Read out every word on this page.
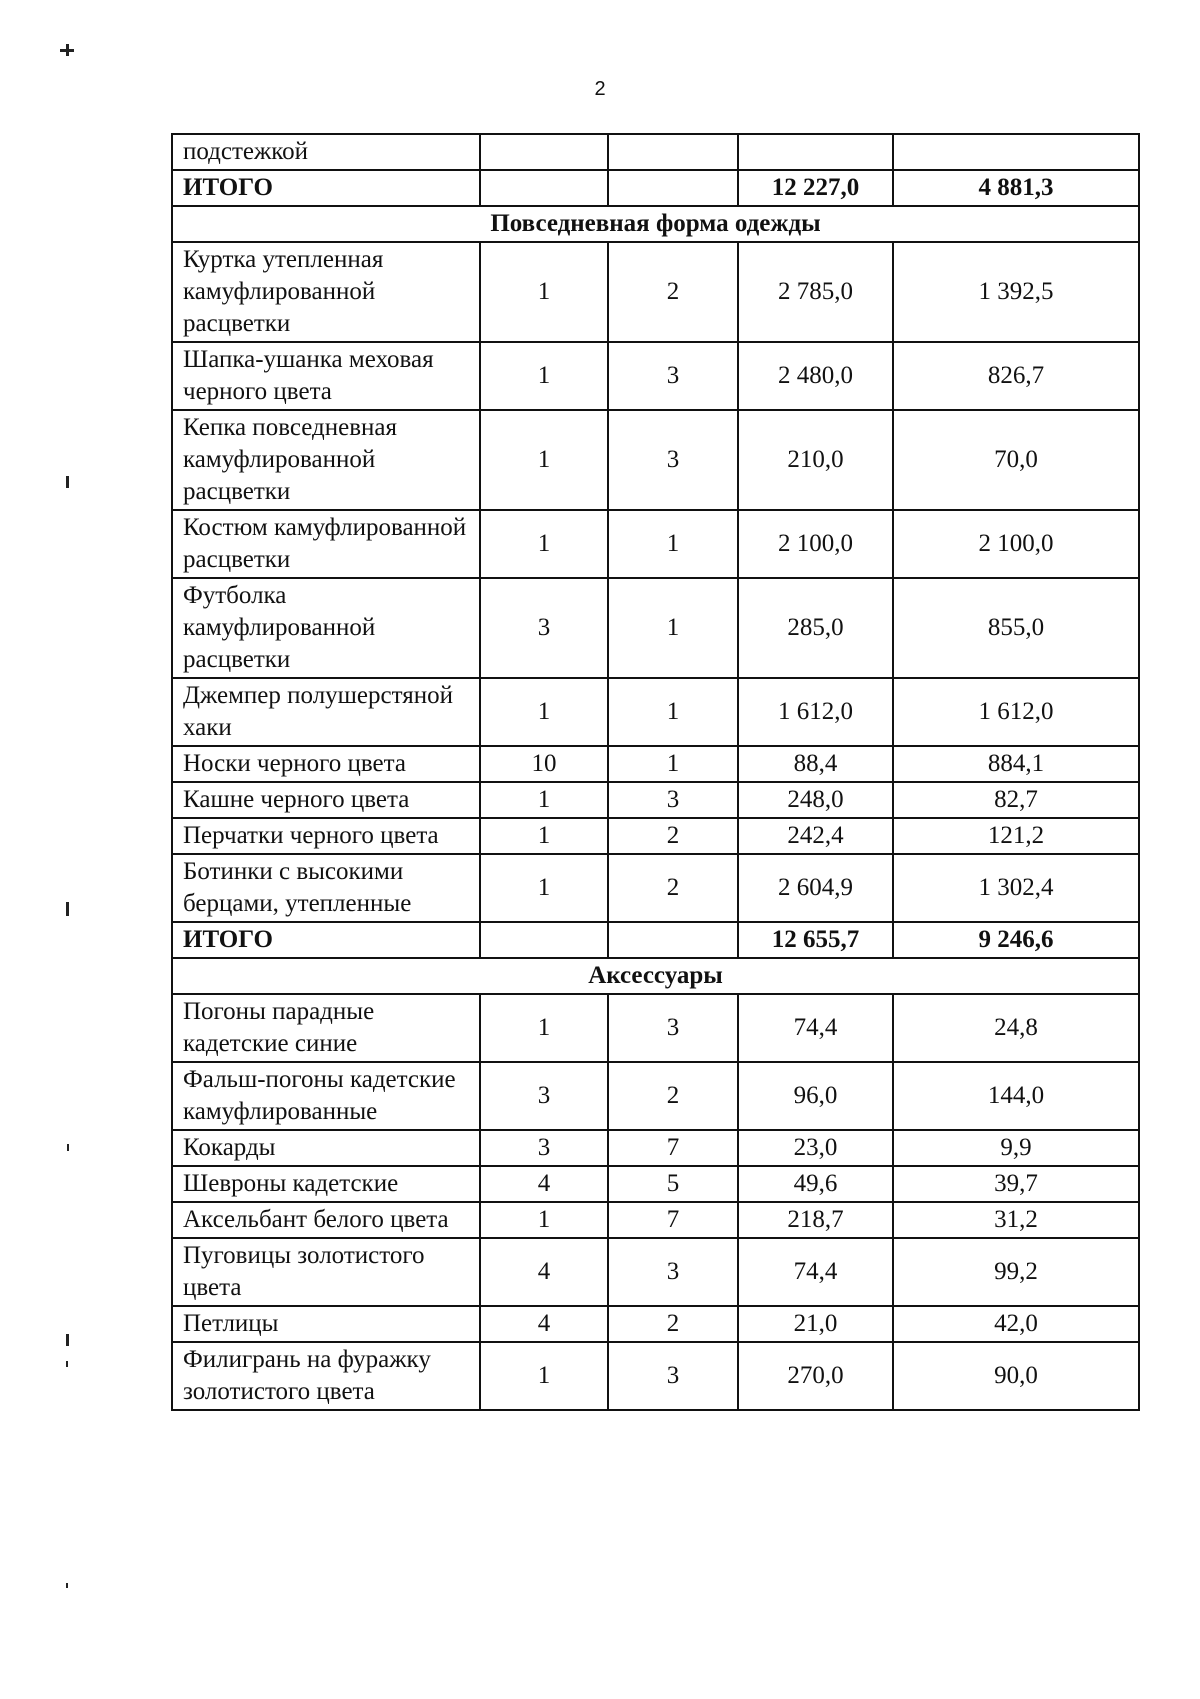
2
подстежкой				
ИТОГО			12 227,0	4 881,3
Повседневная форма одежды				
Куртка утепленная камуфлированной расцветки	1	2	2 785,0	1 392,5
Шапка-ушанка меховая черного цвета	1	3	2 480,0	826,7
Кепка повседневная камуфлированной расцветки	1	3	210,0	70,0
Костюм камуфлированной расцветки	1	1	2 100,0	2 100,0
Футболка камуфлированной расцветки	3	1	285,0	855,0
Джемпер полушерстяной хаки	1	1	1 612,0	1 612,0
Носки черного цвета	10	1	88,4	884,1
Кашне черного цвета	1	3	248,0	82,7
Перчатки черного цвета	1	2	242,4	121,2
Ботинки с высокими берцами, утепленные	1	2	2 604,9	1 302,4
ИТОГО			12 655,7	9 246,6
Аксессуары				
Погоны парадные кадетские синие	1	3	74,4	24,8
Фальш-погоны кадетские камуфлированные	3	2	96,0	144,0
Кокарды	3	7	23,0	9,9
Шевроны кадетские	4	5	49,6	39,7
Аксельбант белого цвета	1	7	218,7	31,2
Пуговицы золотистого цвета	4	3	74,4	99,2
Петлицы	4	2	21,0	42,0
Филигрань на фуражку золотистого цвета	1	3	270,0	90,0
